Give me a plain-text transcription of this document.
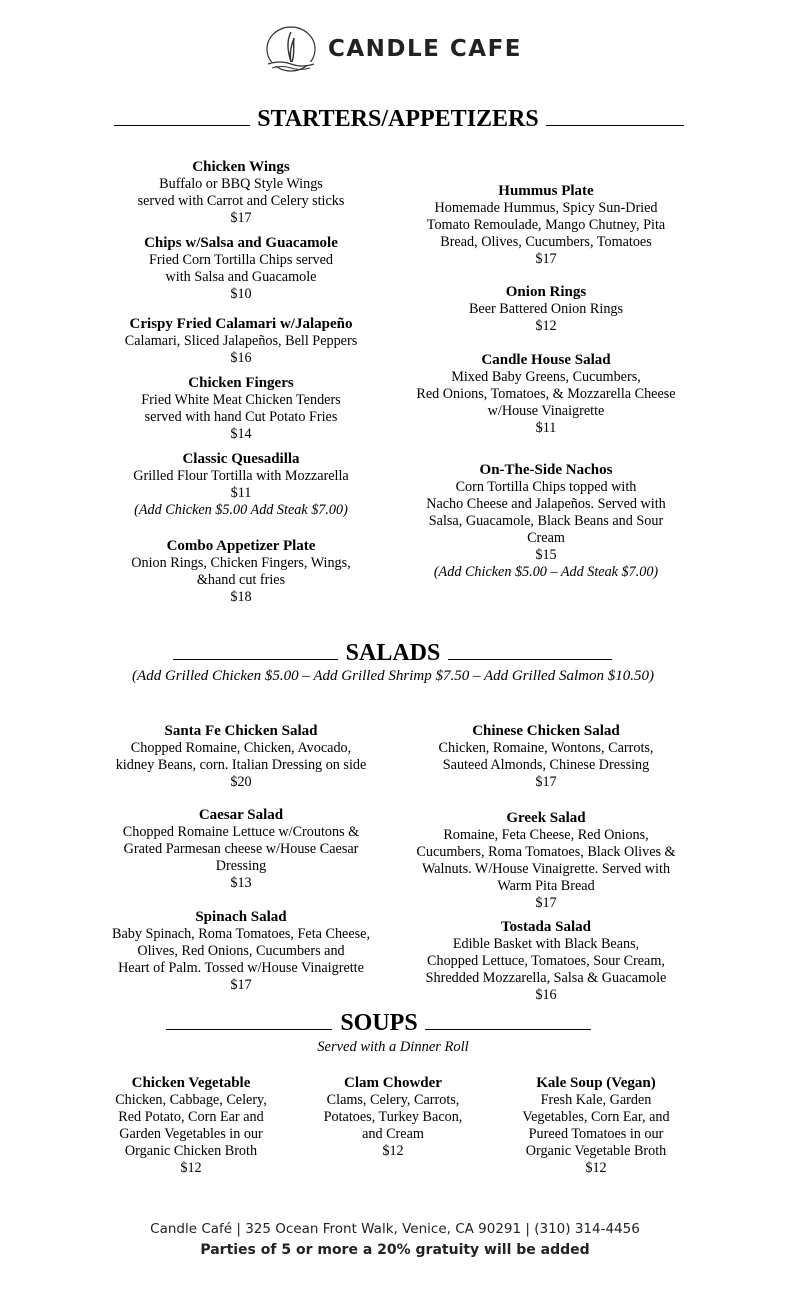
CANDLE CAFE
STARTERS/APPETIZERS
Chicken Wings
Buffalo or BBQ Style Wings
served with Carrot and Celery sticks
$17
Chips w/Salsa and Guacamole
Fried Corn Tortilla Chips served
with Salsa and Guacamole
$10
Crispy Fried Calamari w/Jalapeño
Calamari, Sliced Jalapeños, Bell Peppers
$16
Chicken Fingers
Fried White Meat Chicken Tenders
served with hand Cut Potato Fries
$14
Classic Quesadilla
Grilled Flour Tortilla with Mozzarella
$11
(Add Chicken $5.00 Add Steak $7.00)
Combo Appetizer Plate
Onion Rings, Chicken Fingers, Wings,
&hand cut fries
$18
Hummus Plate
Homemade Hummus, Spicy Sun-Dried
Tomato Remoulade, Mango Chutney, Pita
Bread, Olives, Cucumbers, Tomatoes
$17
Onion Rings
Beer Battered Onion Rings
$12
Candle House Salad
Mixed Baby Greens, Cucumbers,
Red Onions, Tomatoes, & Mozzarella Cheese
w/House Vinaigrette
$11
On-The-Side Nachos
Corn Tortilla Chips topped with
Nacho Cheese and Jalapeños. Served with
Salsa, Guacamole, Black Beans and Sour
Cream
$15
(Add Chicken $5.00 – Add Steak $7.00)
SALADS
(Add Grilled Chicken $5.00 – Add Grilled Shrimp $7.50 – Add Grilled Salmon $10.50)
Santa Fe Chicken Salad
Chopped Romaine, Chicken, Avocado,
kidney Beans, corn. Italian Dressing on side
$20
Caesar Salad
Chopped Romaine Lettuce w/Croutons &
Grated Parmesan cheese w/House Caesar
Dressing
$13
Spinach Salad
Baby Spinach, Roma Tomatoes, Feta Cheese,
Olives, Red Onions, Cucumbers and
Heart of Palm. Tossed w/House Vinaigrette
$17
Chinese Chicken Salad
Chicken, Romaine, Wontons, Carrots,
Sauteed Almonds, Chinese Dressing
$17
Greek Salad
Romaine, Feta Cheese, Red Onions,
Cucumbers, Roma Tomatoes, Black Olives &
Walnuts. W/House Vinaigrette. Served with
Warm Pita Bread
$17
Tostada Salad
Edible Basket with Black Beans,
Chopped Lettuce, Tomatoes, Sour Cream,
Shredded Mozzarella, Salsa & Guacamole
$16
SOUPS
Served with a Dinner Roll
Chicken Vegetable
Chicken, Cabbage, Celery,
Red Potato, Corn Ear and
Garden Vegetables in our
Organic Chicken Broth
$12
Clam Chowder
Clams, Celery, Carrots,
Potatoes, Turkey Bacon,
and Cream
$12
Kale Soup (Vegan)
Fresh Kale, Garden
Vegetables, Corn Ear, and
Pureed Tomatoes in our
Organic Vegetable Broth
$12
Candle Café | 325 Ocean Front Walk, Venice, CA 90291 | (310) 314-4456
Parties of 5 or more a 20% gratuity will be added
